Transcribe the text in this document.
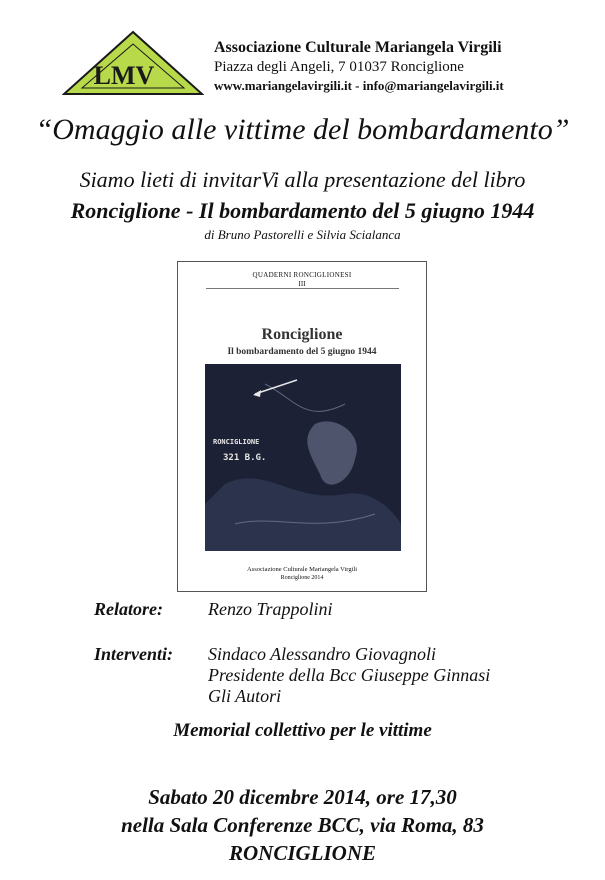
LMV
Associazione Culturale Mariangela Virgili
Piazza degli Angeli, 7 01037 Ronciglione
www.mariangelavirgili.it - info@mariangelavirgili.it
“Omaggio alle vittime del bombardamento”
Siamo lieti di invitarVi alla presentazione del libro
Ronciglione - Il bombardamento del 5 giugno 1944
di Bruno Pastorelli e Silvia Scialanca
QUADERNI RONCIGLIONESI
III
Ronciglione
Il bombardamento del 5 giugno 1944
RONCIGLIONE
321 B.G.
Associazione Culturale Mariangela Virgili
Ronciglione 2014
Relatore:	Renzo Trappolini
Interventi: Sindaco Alessandro Giovagnoli
Presidente della Bcc Giuseppe Ginnasi
Gli Autori
Memorial collettivo per le vittime
Sabato 20 dicembre 2014, ore 17,30
nella Sala Conferenze BCC, via Roma, 83
RONCIGLIONE
